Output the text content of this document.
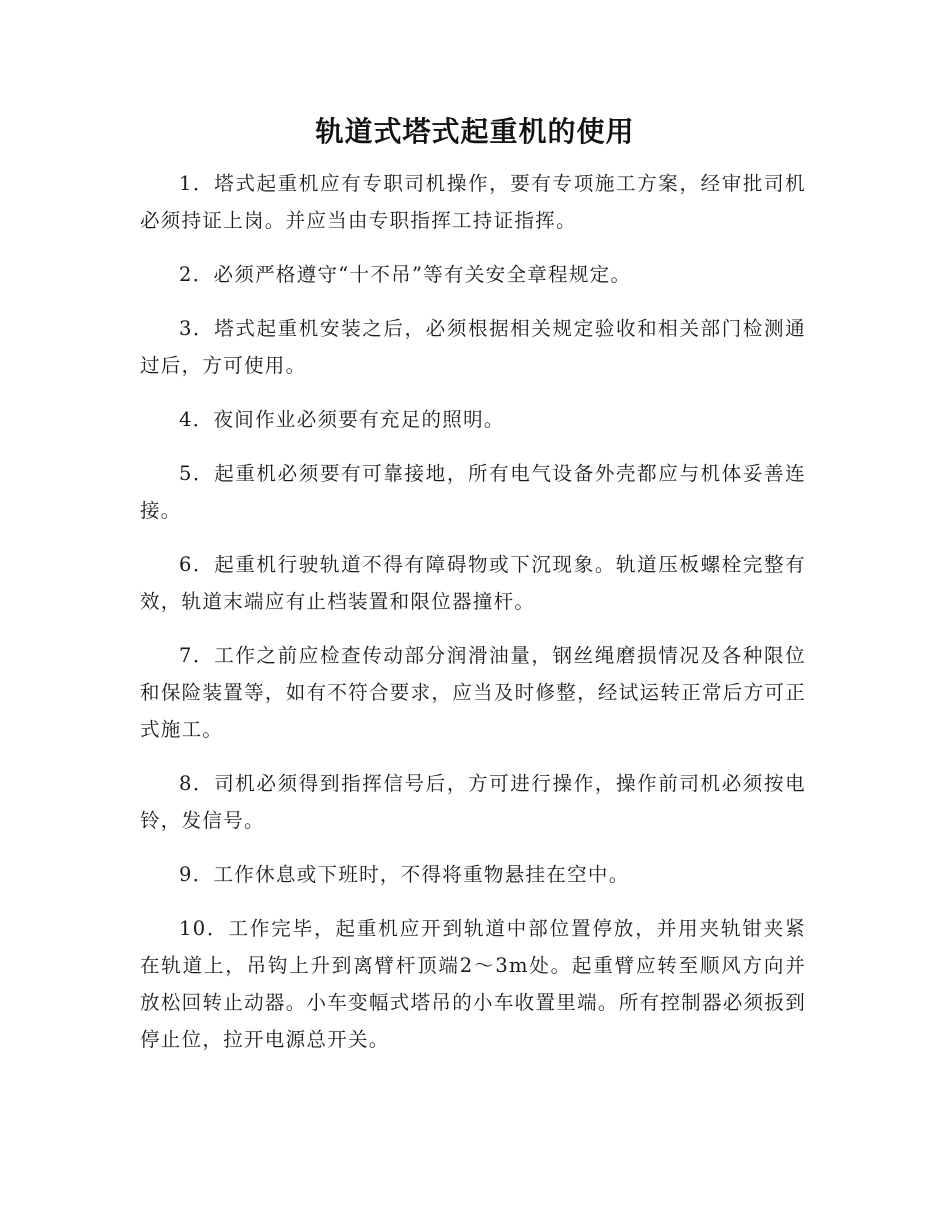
轨道式塔式起重机的使用

1．塔式起重机应有专职司机操作，要有专项施工方案，经审批司机必须持证上岗。并应当由专职指挥工持证指挥。

2．必须严格遵守“十不吊”等有关安全章程规定。

3．塔式起重机安装之后，必须根据相关规定验收和相关部门检测通过后，方可使用。

4．夜间作业必须要有充足的照明。

5．起重机必须要有可靠接地，所有电气设备外壳都应与机体妥善连接。

6．起重机行驶轨道不得有障碍物或下沉现象。轨道压板螺栓完整有效，轨道末端应有止档装置和限位器撞杆。

7．工作之前应检查传动部分润滑油量，钢丝绳磨损情况及各种限位和保险装置等，如有不符合要求，应当及时修整，经试运转正常后方可正式施工。

8．司机必须得到指挥信号后，方可进行操作，操作前司机必须按电铃，发信号。

9．工作休息或下班时，不得将重物悬挂在空中。

10．工作完毕，起重机应开到轨道中部位置停放，并用夹轨钳夹紧在轨道上，吊钩上升到离臂杆顶端2～3m处。起重臂应转至顺风方向并放松回转止动器。小车变幅式塔吊的小车收置里端。所有控制器必须扳到停止位，拉开电源总开关。
